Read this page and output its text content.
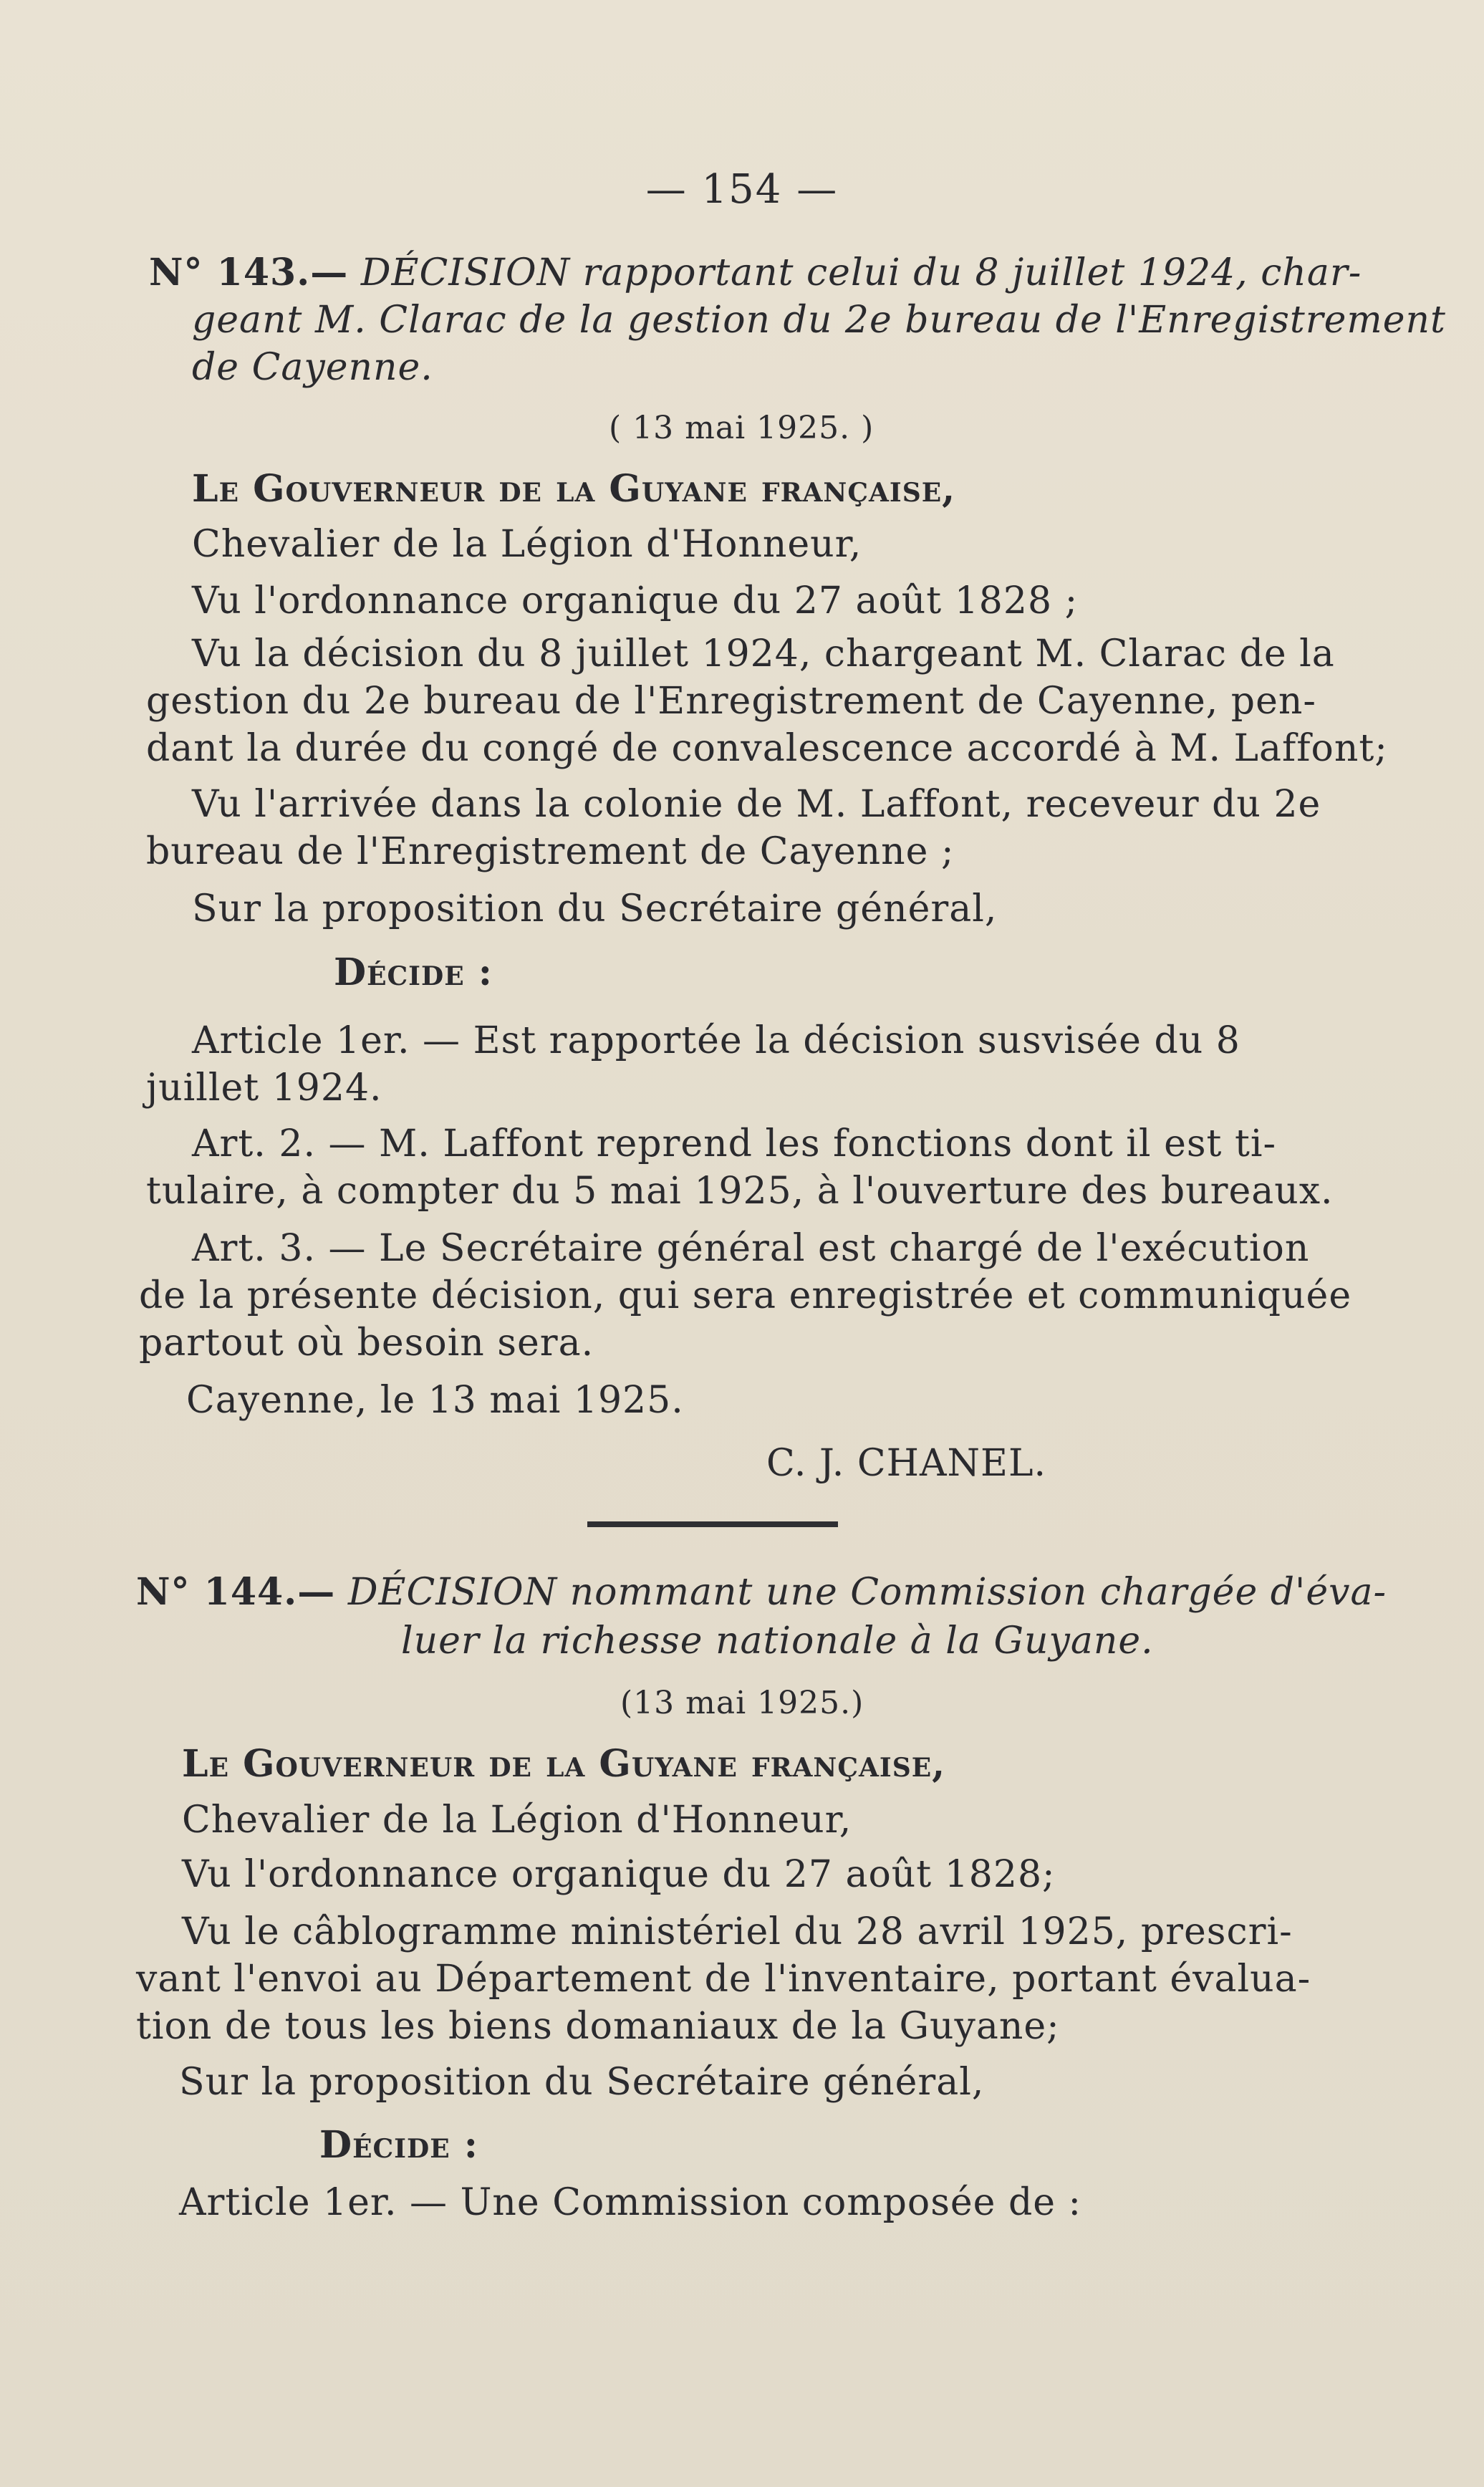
— 154 —
N° 143.— DÉCISION rapportant celui du 8 juillet 1924, char-
geant M. Clarac de la gestion du 2e bureau de l'Enregistrement
de Cayenne.
( 13 mai 1925. )
Le Gouverneur de la Guyane française,
Chevalier de la Légion d'Honneur,
Vu l'ordonnance organique du 27 août 1828 ;
Vu la décision du 8 juillet 1924, chargeant M. Clarac de la
gestion du 2e bureau de l'Enregistrement de Cayenne, pen-
dant la durée du congé de convalescence accordé à M. Laffont;
Vu l'arrivée dans la colonie de M. Laffont, receveur du 2e
bureau de l'Enregistrement de Cayenne ;
Sur la proposition du Secrétaire général,
Décide :
Article 1er. — Est rapportée la décision susvisée du 8
juillet 1924.
Art. 2. — M. Laffont reprend les fonctions dont il est ti-
tulaire, à compter du 5 mai 1925, à l'ouverture des bureaux.
Art. 3. — Le Secrétaire général est chargé de l'exécution
de la présente décision, qui sera enregistrée et communiquée
partout où besoin sera.
Cayenne, le 13 mai 1925.
C. J. CHANEL.
N° 144.— DÉCISION nommant une Commission chargée d'éva-
luer la richesse nationale à la Guyane.
(13 mai 1925.)
Le Gouverneur de la Guyane française,
Chevalier de la Légion d'Honneur,
Vu l'ordonnance organique du 27 août 1828;
Vu le câblogramme ministériel du 28 avril 1925, prescri-
vant l'envoi au Département de l'inventaire, portant évalua-
tion de tous les biens domaniaux de la Guyane;
Sur la proposition du Secrétaire général,
Décide :
Article 1er. — Une Commission composée de :
